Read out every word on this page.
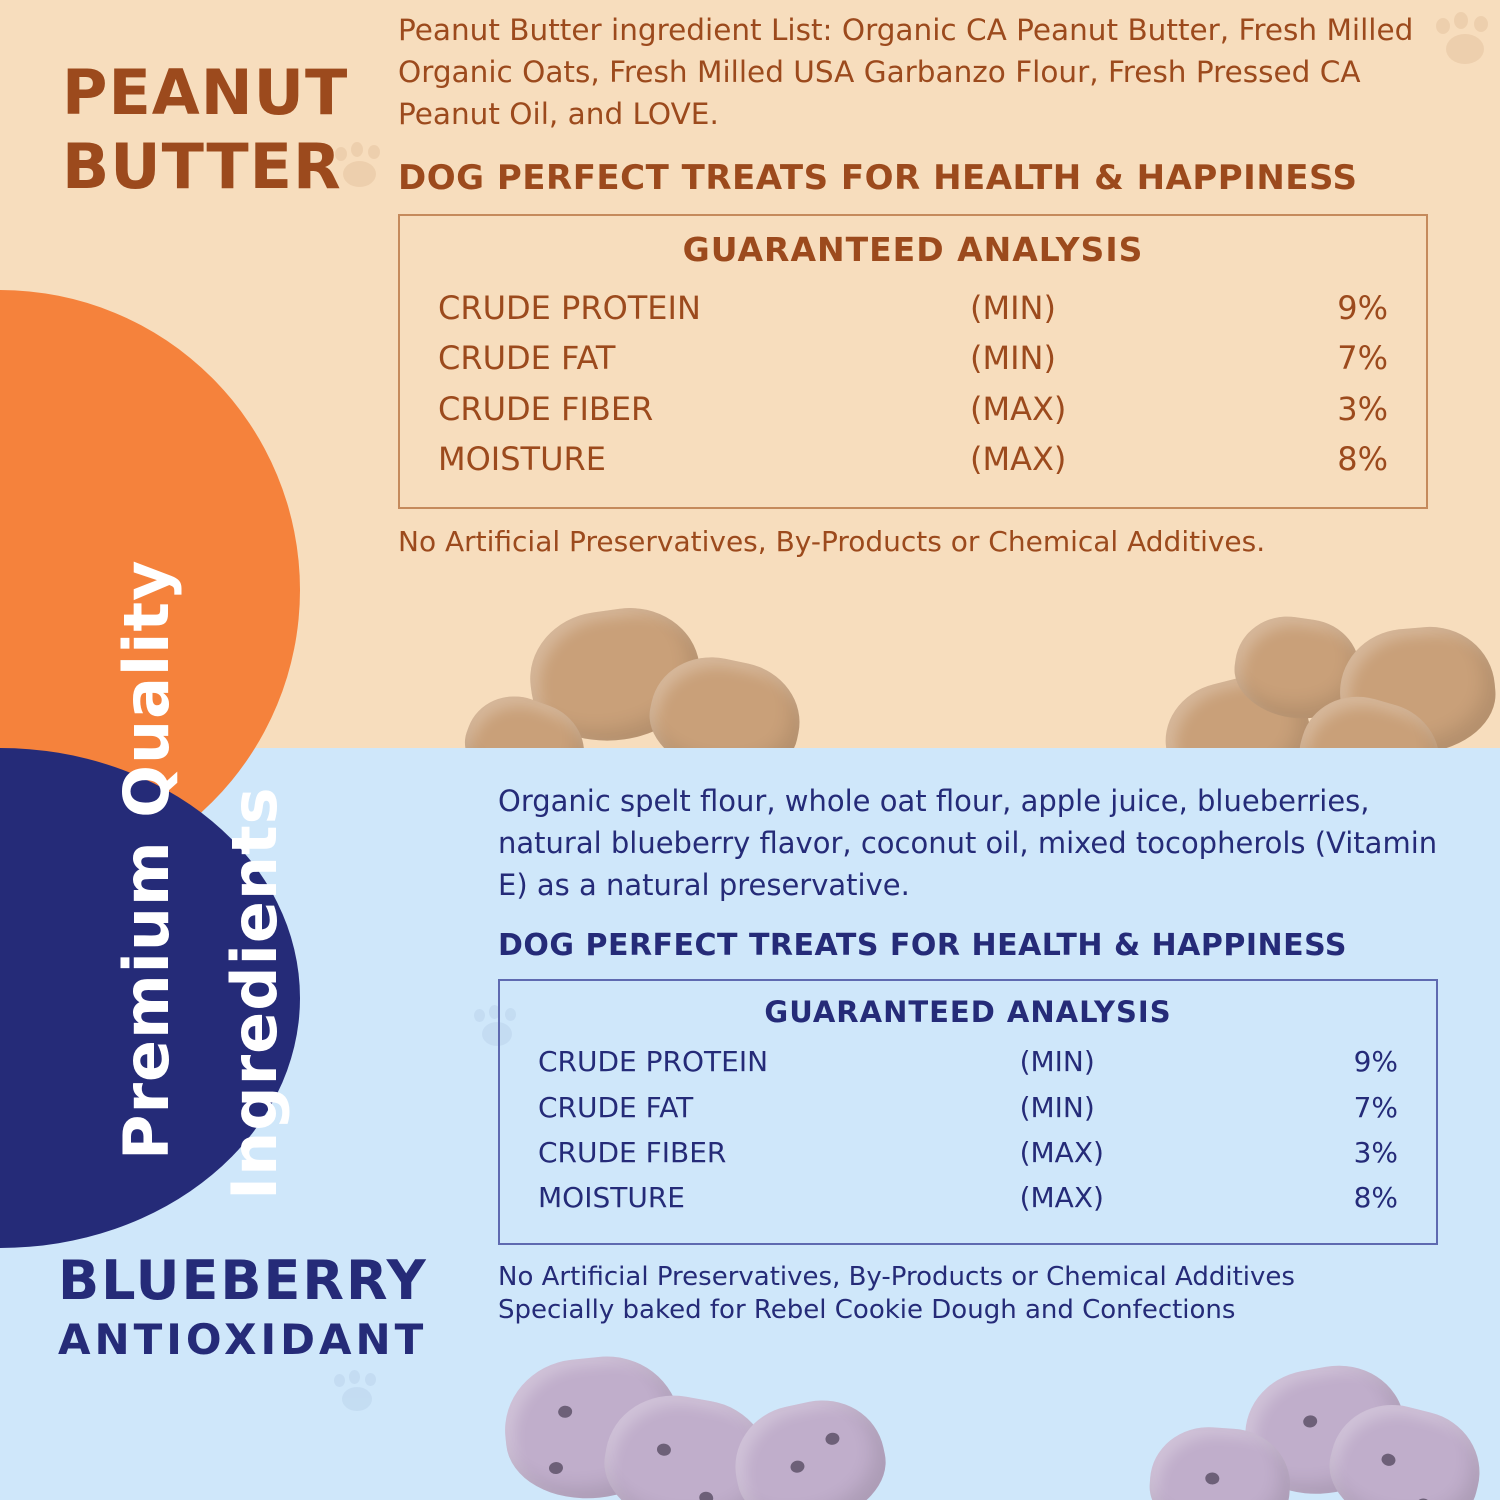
PEANUT
BUTTER
Peanut Butter ingredient List: Organic CA Peanut Butter, Fresh Milled Organic Oats, Fresh Milled USA Garbanzo Flour, Fresh Pressed CA Peanut Oil, and LOVE.
DOG PERFECT TREATS FOR HEALTH & HAPPINESS
GUARANTEED ANALYSIS
CRUDE PROTEIN	(MIN)	9%
CRUDE FAT	(MIN)	7%
CRUDE FIBER	(MAX)	3%
MOISTURE	(MAX)	8%
No Artificial Preservatives, By-Products or Chemical Additives.
Premium Quality Ingredients
BLUEBERRY
ANTIOXIDANT
Organic spelt flour, whole oat flour, apple juice, blueberries, natural blueberry flavor, coconut oil, mixed tocopherols (Vitamin E) as a natural preservative.
DOG PERFECT TREATS FOR HEALTH & HAPPINESS
GUARANTEED ANALYSIS
CRUDE PROTEIN	(MIN)	9%
CRUDE FAT	(MIN)	7%
CRUDE FIBER	(MAX)	3%
MOISTURE	(MAX)	8%
No Artificial Preservatives, By-Products or Chemical Additives
Specially baked for Rebel Cookie Dough and Confections
